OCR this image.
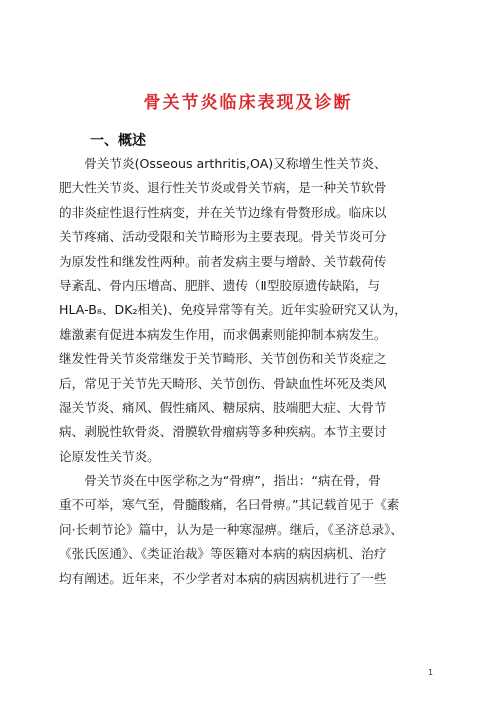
骨关节炎临床表现及诊断
一、概述
　　骨关节炎(Osseous arthritis,OA)又称增生性关节炎、
肥大性关节炎、退行性关节炎或骨关节病，是一种关节软骨
的非炎症性退行性病变，并在关节边缘有骨赘形成。临床以
关节疼痛、活动受限和关节畸形为主要表现。骨关节炎可分
为原发性和继发性两种。前者发病主要与增龄、关节载荷传
导紊乱、骨内压增高、肥胖、遗传（Ⅱ型胶原遗传缺陷，与
HLA-B₈、DK₂相关)、免疫异常等有关。近年实验研究又认为，
雄激素有促进本病发生作用，而求偶素则能抑制本病发生。
继发性骨关节炎常继发于关节畸形、关节创伤和关节炎症之
后，常见于关节先天畸形、关节创伤、骨缺血性坏死及类风
湿关节炎、痛风、假性痛风、糖尿病、肢端肥大症、大骨节
病、剥脱性软骨炎、滑膜软骨瘤病等多种疾病。本节主要讨
论原发性关节炎。
　　骨关节炎在中医学称之为“骨痹”，指出：“病在骨，骨
重不可举，寒气至，骨髓酸痛，名曰骨痹。”其记载首见于《素
问·长刺节论》篇中，认为是一种寒湿痹。继后，《圣济总录》、
《张氏医通》、《类证治裁》等医籍对本病的病因病机、治疗
均有阐述。近年来，不少学者对本病的病因病机进行了一些
1
